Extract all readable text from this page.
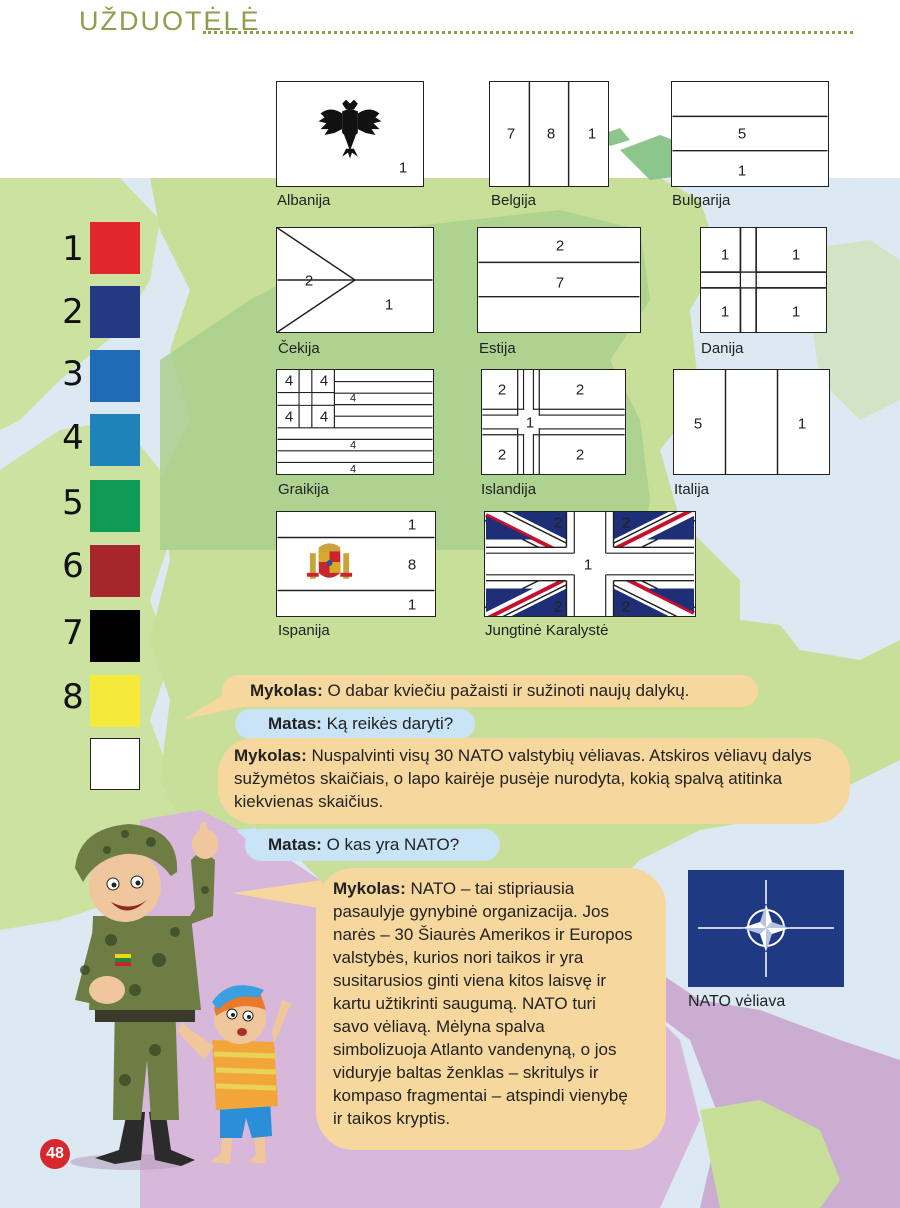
UŽDUOTĖLĖ
1
2
3
4
5
6
7
8
1
Albanija
7 8 1
Belgija
5
1
Bulgarija
2
1
Čekija
2
7
Estija
1	1
1	1
Danija
4 4
4
4 4
4
4
Graikija
2	2
1
2	2
Islandija
5	1
Italija
1
8
1
Ispanija
2	2
1
2	2
Jungtinė Karalystė
Mykolas: O dabar kviečiu pažaisti ir sužinoti naujų dalykų.
Matas: Ką reikės daryti?
Mykolas: Nuspalvinti visų 30 NATO valstybių vėliavas. Atskiros vėliavų dalys sužymėtos skaičiais, o lapo kairėje pusėje nurodyta, kokią spalvą atitinka kiekvienas skaičius.
Matas: O kas yra NATO?
Mykolas: NATO – tai stipriausia pasaulyje gynybinė organizacija. Jos narės – 30 Šiaurės Amerikos ir Europos valstybės, kurios nori taikos ir yra susitarusios ginti viena kitos laisvę ir kartu užtikrinti saugumą. NATO turi savo vėliavą. Mėlyna spalva simbolizuoja Atlanto vandenyną, o jos viduryje baltas ženklas – skritulys ir kompaso fragmentai – atspindi vienybę ir taikos kryptis.
NATO vėliava
48
